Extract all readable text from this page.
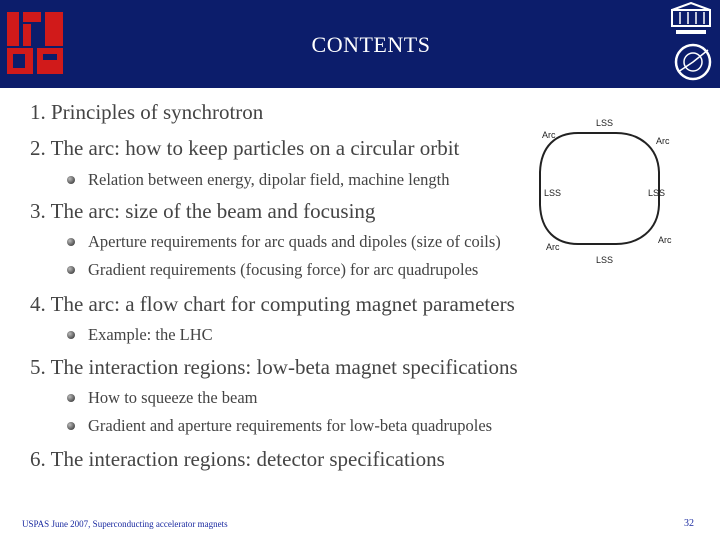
CONTENTS
1. Principles of synchrotron
2. The arc: how to keep particles on a circular orbit
Relation between energy, dipolar field, machine length
3. The arc: size of the beam and focusing
Aperture requirements for arc quads and dipoles (size of coils)
Gradient requirements (focusing force) for arc quadrupoles
4. The arc: a flow chart for computing magnet parameters
Example: the LHC
5. The interaction regions: low-beta magnet specifications
How to squeeze the beam
Gradient and aperture requirements for low-beta quadrupoles
6. The interaction regions: detector specifications
LSS
LSS	LSS
LSS
Arc
Arc
Arc
Arc
USPAS June 2007, Superconducting accelerator magnets	32
